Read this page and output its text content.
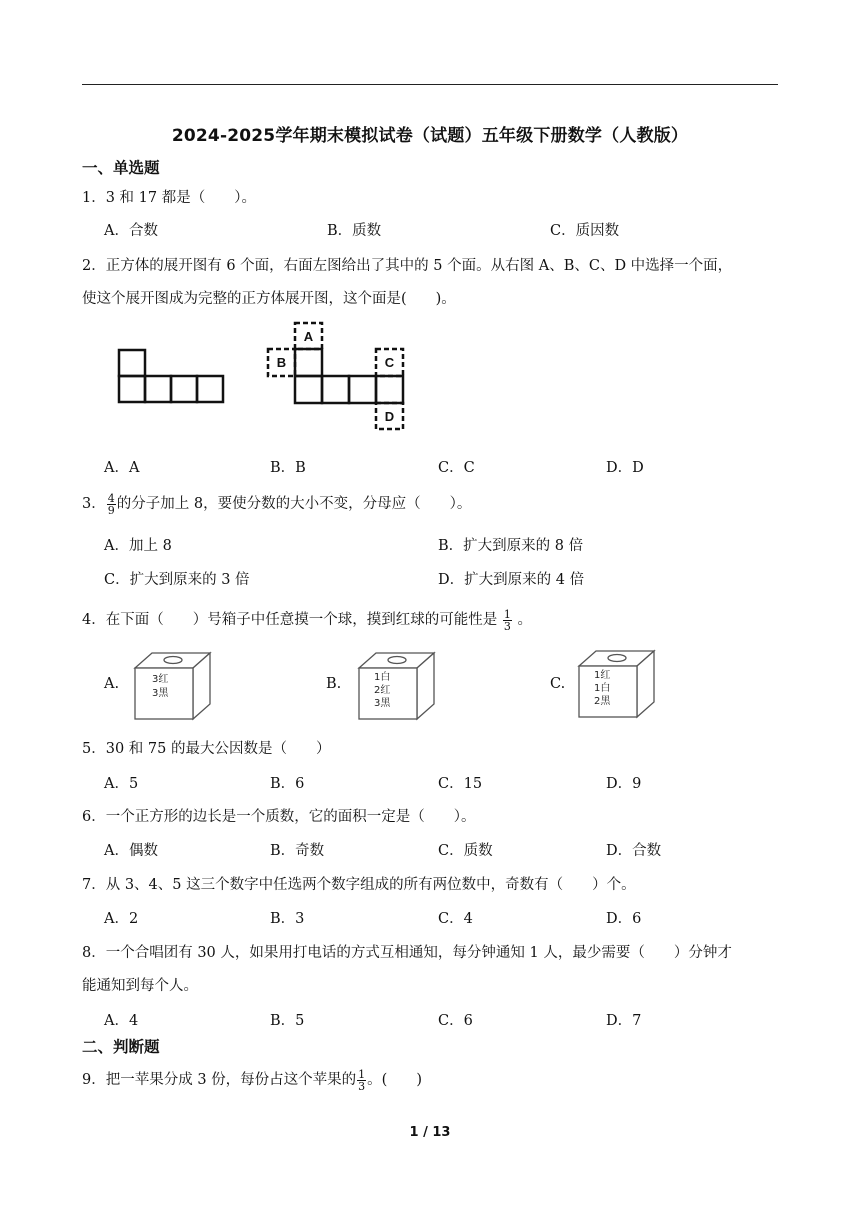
2024-2025学年期末模拟试卷（试题）五年级下册数学（人教版）
一、单选题
1．3 和 17 都是（　　）。
A．合数	B．质数	C．质因数
2．正方体的展开图有 6 个面，右面左图给出了其中的 5 个面。从右图 A、B、C、D 中选择一个面，
使这个展开图成为完整的正方体展开图，这个面是(　　)。
A
B	C
D
A．A	B．B	C．C	D．D
3． $\frac{4}{9}$ 的分子加上 8，要使分数的大小不变，分母应（　　）。
A．加上 8	B．扩大到原来的 8 倍
C．扩大到原来的 3 倍	D．扩大到原来的 4 倍
4．在下面（　　）号箱子中任意摸一个球，摸到红球的可能性是 $\frac{1}{3}$ 。
A.	3红
3黑
B.	1白
2红
3黑
C.
1红
1白
2黑
5．30 和 75 的最大公因数是（　　）
A．5	B．6	C．15	D．9
6．一个正方形的边长是一个质数，它的面积一定是（　　）。
A．偶数	B．奇数	C．质数	D．合数
7．从 3、4、5 这三个数字中任选两个数字组成的所有两位数中，奇数有（　　）个。
A．2	B．3	C．4	D．6
8．一个合唱团有 30 人，如果用打电话的方式互相通知，每分钟通知 1 人，最少需要（　　）分钟才
能通知到每个人。
A．4	B．5	C．6	D．7
二、判断题
9．把一苹果分成 3 份，每份占这个苹果的 $\frac{1}{3}$ 。(　　)
1 / 13
